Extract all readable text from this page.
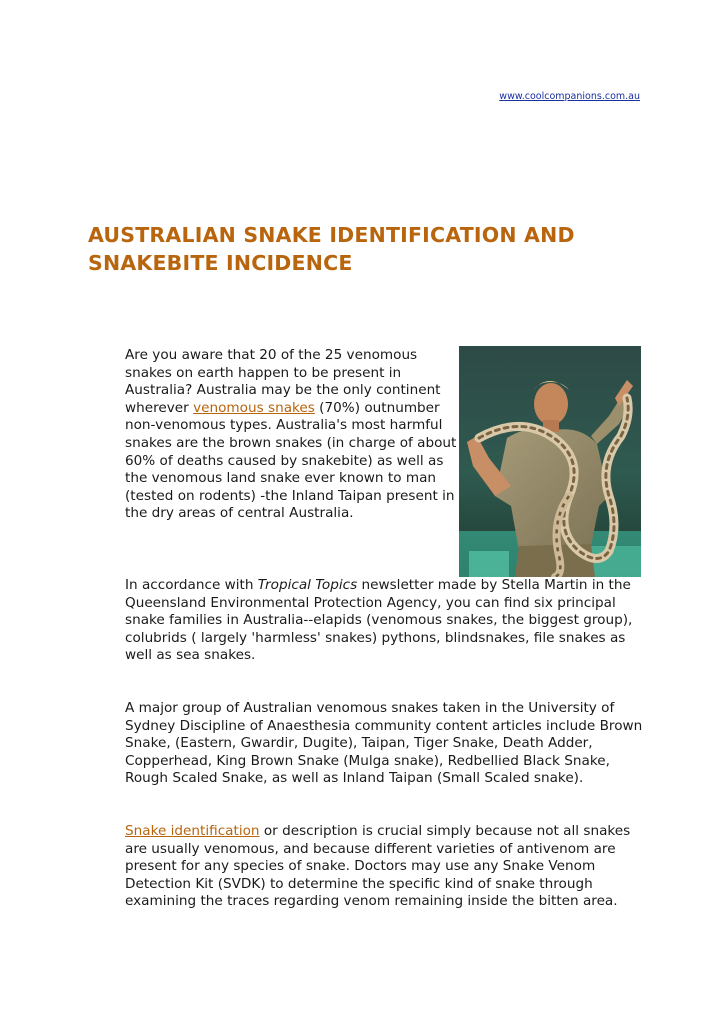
www.coolcompanions.com.au
AUSTRALIAN SNAKE IDENTIFICATION AND
SNAKEBITE INCIDENCE

Are you aware that 20 of the 25 venomous snakes on earth happen to be present in Australia? Australia may be the only continent wherever venomous snakes (70%) outnumber non-venomous types. Australia's most harmful snakes are the brown snakes (in charge of about 60% of deaths caused by snakebite) as well as the venomous land snake ever known to man (tested on rodents) -the Inland Taipan present in the dry areas of central Australia.

In accordance with Tropical Topics newsletter made by Stella Martin in the Queensland Environmental Protection Agency, you can find six principal snake families in Australia--elapids (venomous snakes, the biggest group), colubrids ( largely 'harmless' snakes) pythons, blindsnakes, file snakes as well as sea snakes.

A major group of Australian venomous snakes taken in the University of Sydney Discipline of Anaesthesia community content articles include Brown Snake, (Eastern, Gwardir, Dugite), Taipan, Tiger Snake, Death Adder, Copperhead, King Brown Snake (Mulga snake), Redbellied Black Snake, Rough Scaled Snake, as well as Inland Taipan (Small Scaled snake).

Snake identification or description is crucial simply because not all snakes are usually venomous, and because different varieties of antivenom are present for any species of snake. Doctors may use any Snake Venom Detection Kit (SVDK) to determine the specific kind of snake through examining the traces regarding venom remaining inside the bitten area.
